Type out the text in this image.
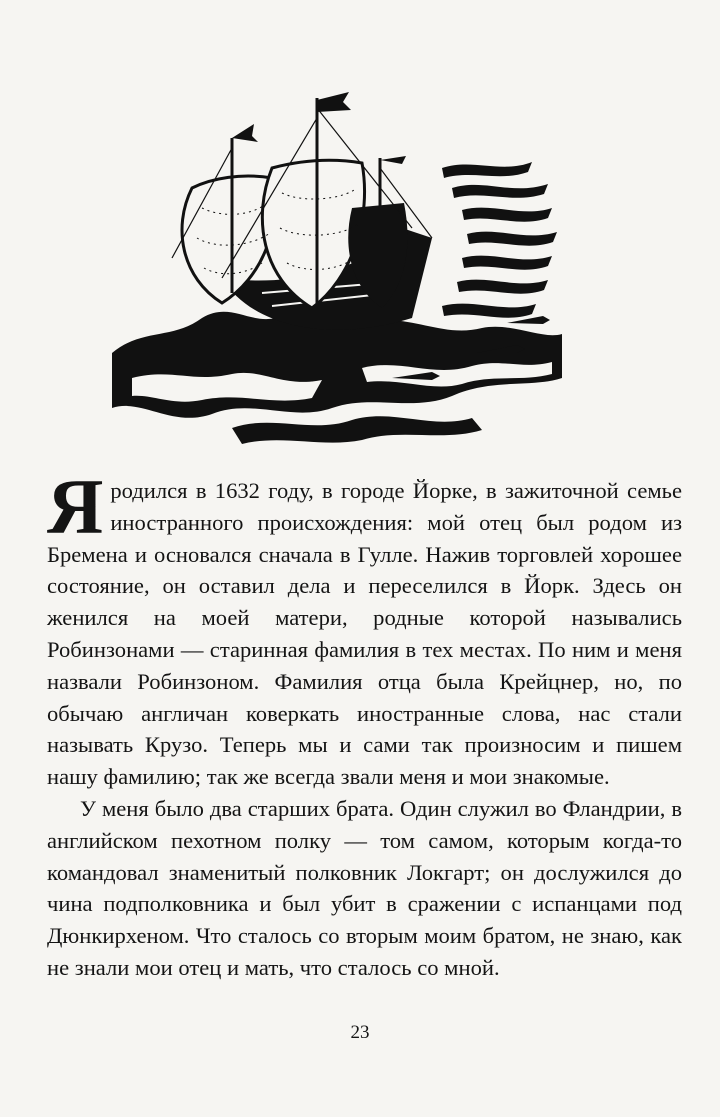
Я родился в 1632 году, в городе Йорке, в зажиточной семье иностранного происхождения: мой отец был родом из Бремена и основался сначала в Гулле. Нажив торговлей хорошее состояние, он оставил дела и переселился в Йорк. Здесь он женился на моей матери, родные которой назывались Робинзонами — старинная фамилия в тех местах. По ним и меня назвали Робинзоном. Фамилия отца была Крейцнер, но, по обычаю англичан коверкать иностранные слова, нас стали называть Крузо. Теперь мы и сами так произносим и пишем нашу фамилию; так же всегда звали меня и мои знакомые.

У меня было два старших брата. Один служил во Фландрии, в английском пехотном полку — том самом, которым когда-то командовал знаменитый полковник Локгарт; он дослужился до чина подполковника и был убит в сражении с испанцами под Дюнкирхеном. Что сталось со вторым моим братом, не знаю, как не знали мои отец и мать, что сталось со мной.

23
